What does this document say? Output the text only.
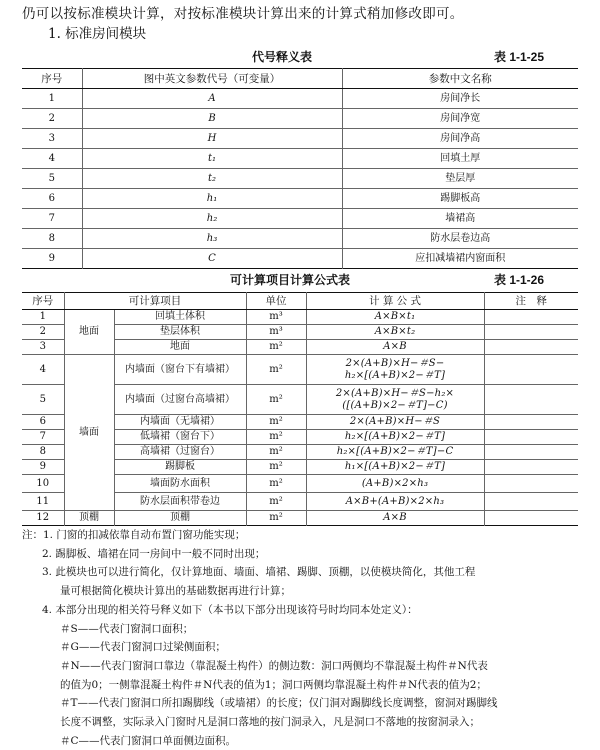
仍可以按标准模块计算，对按标准模块计算出来的计算式稍加修改即可。
1. 标准房间模块
代号释义表	表 1-1-25
序号	图中英文参数代号（可变量）	参数中文名称
1	A	房间净长
2	B	房间净宽
3	H	房间净高
4	t₁	回填土厚
5	t₂	垫层厚
6	h₁	踢脚板高
7	h₂	墙裙高
8	h₃	防水层卷边高
9	C	应扣减墙裙内窗面积
可计算项目计算公式表	表 1-1-26
序号	可计算项目		单位	计 算 公 式	注　释
1	地面	回填土体积	m³	A×B×t₁	
2		垫层体积	m³	A×B×t₂	
3		地面	m²	A×B	
4	墙面	内墙面（窗台下有墙裙）	m²	2×(A+B)×H−＃S−
h₂×[(A+B)×2−＃T]	

5		内墙面（过窗台高墙裙）	m²	2×(A+B)×H−＃S−h₂×
([(A+B)×2−＃T]−C)	

6		内墙面（无墙裙）	m²	2×(A+B)×H−＃S	
7		低墙裙（窗台下）	m²	h₂×[(A+B)×2−＃T]	
8		高墙裙（过窗台）	m²	h₂×[(A+B)×2−＃T]−C	
9		踢脚板	m²	h₁×[(A+B)×2−＃T]	
10		墙面防水面积	m²	(A+B)×2×h₃	
11		防水层面积带卷边	m²	A×B+(A+B)×2×h₃	
12	顶棚	顶棚	m²	A×B	
注：1. 门窗的扣减依靠自动布置门窗功能实现；
2. 踢脚板、墙裙在同一房间中一般不同时出现；
3. 此模块也可以进行简化，仅计算地面、墙面、墙裙、踢脚、顶棚，以使模块简化，其他工程
量可根据简化模块计算出的基础数据再进行计算；
4. 本部分出现的相关符号释义如下（本书以下部分出现该符号时均同本处定义）：
＃S——代表门窗洞口面积；
＃G——代表门窗洞口过梁侧面积；
＃N——代表门窗洞口靠边（靠混凝土构件）的侧边数：洞口两侧均不靠混凝土构件＃N代表
的值为0；一侧靠混凝土构件＃N代表的值为1；洞口两侧均靠混凝土构件＃N代表的值为2；
＃T——代表门窗洞口所扣踢脚线（或墙裙）的长度；仅门洞对踢脚线长度调整，窗洞对踢脚线
长度不调整，实际录入门窗时凡是洞口落地的按门洞录入，凡是洞口不落地的按窗洞录入；
＃C——代表门窗洞口单面侧边面积。
